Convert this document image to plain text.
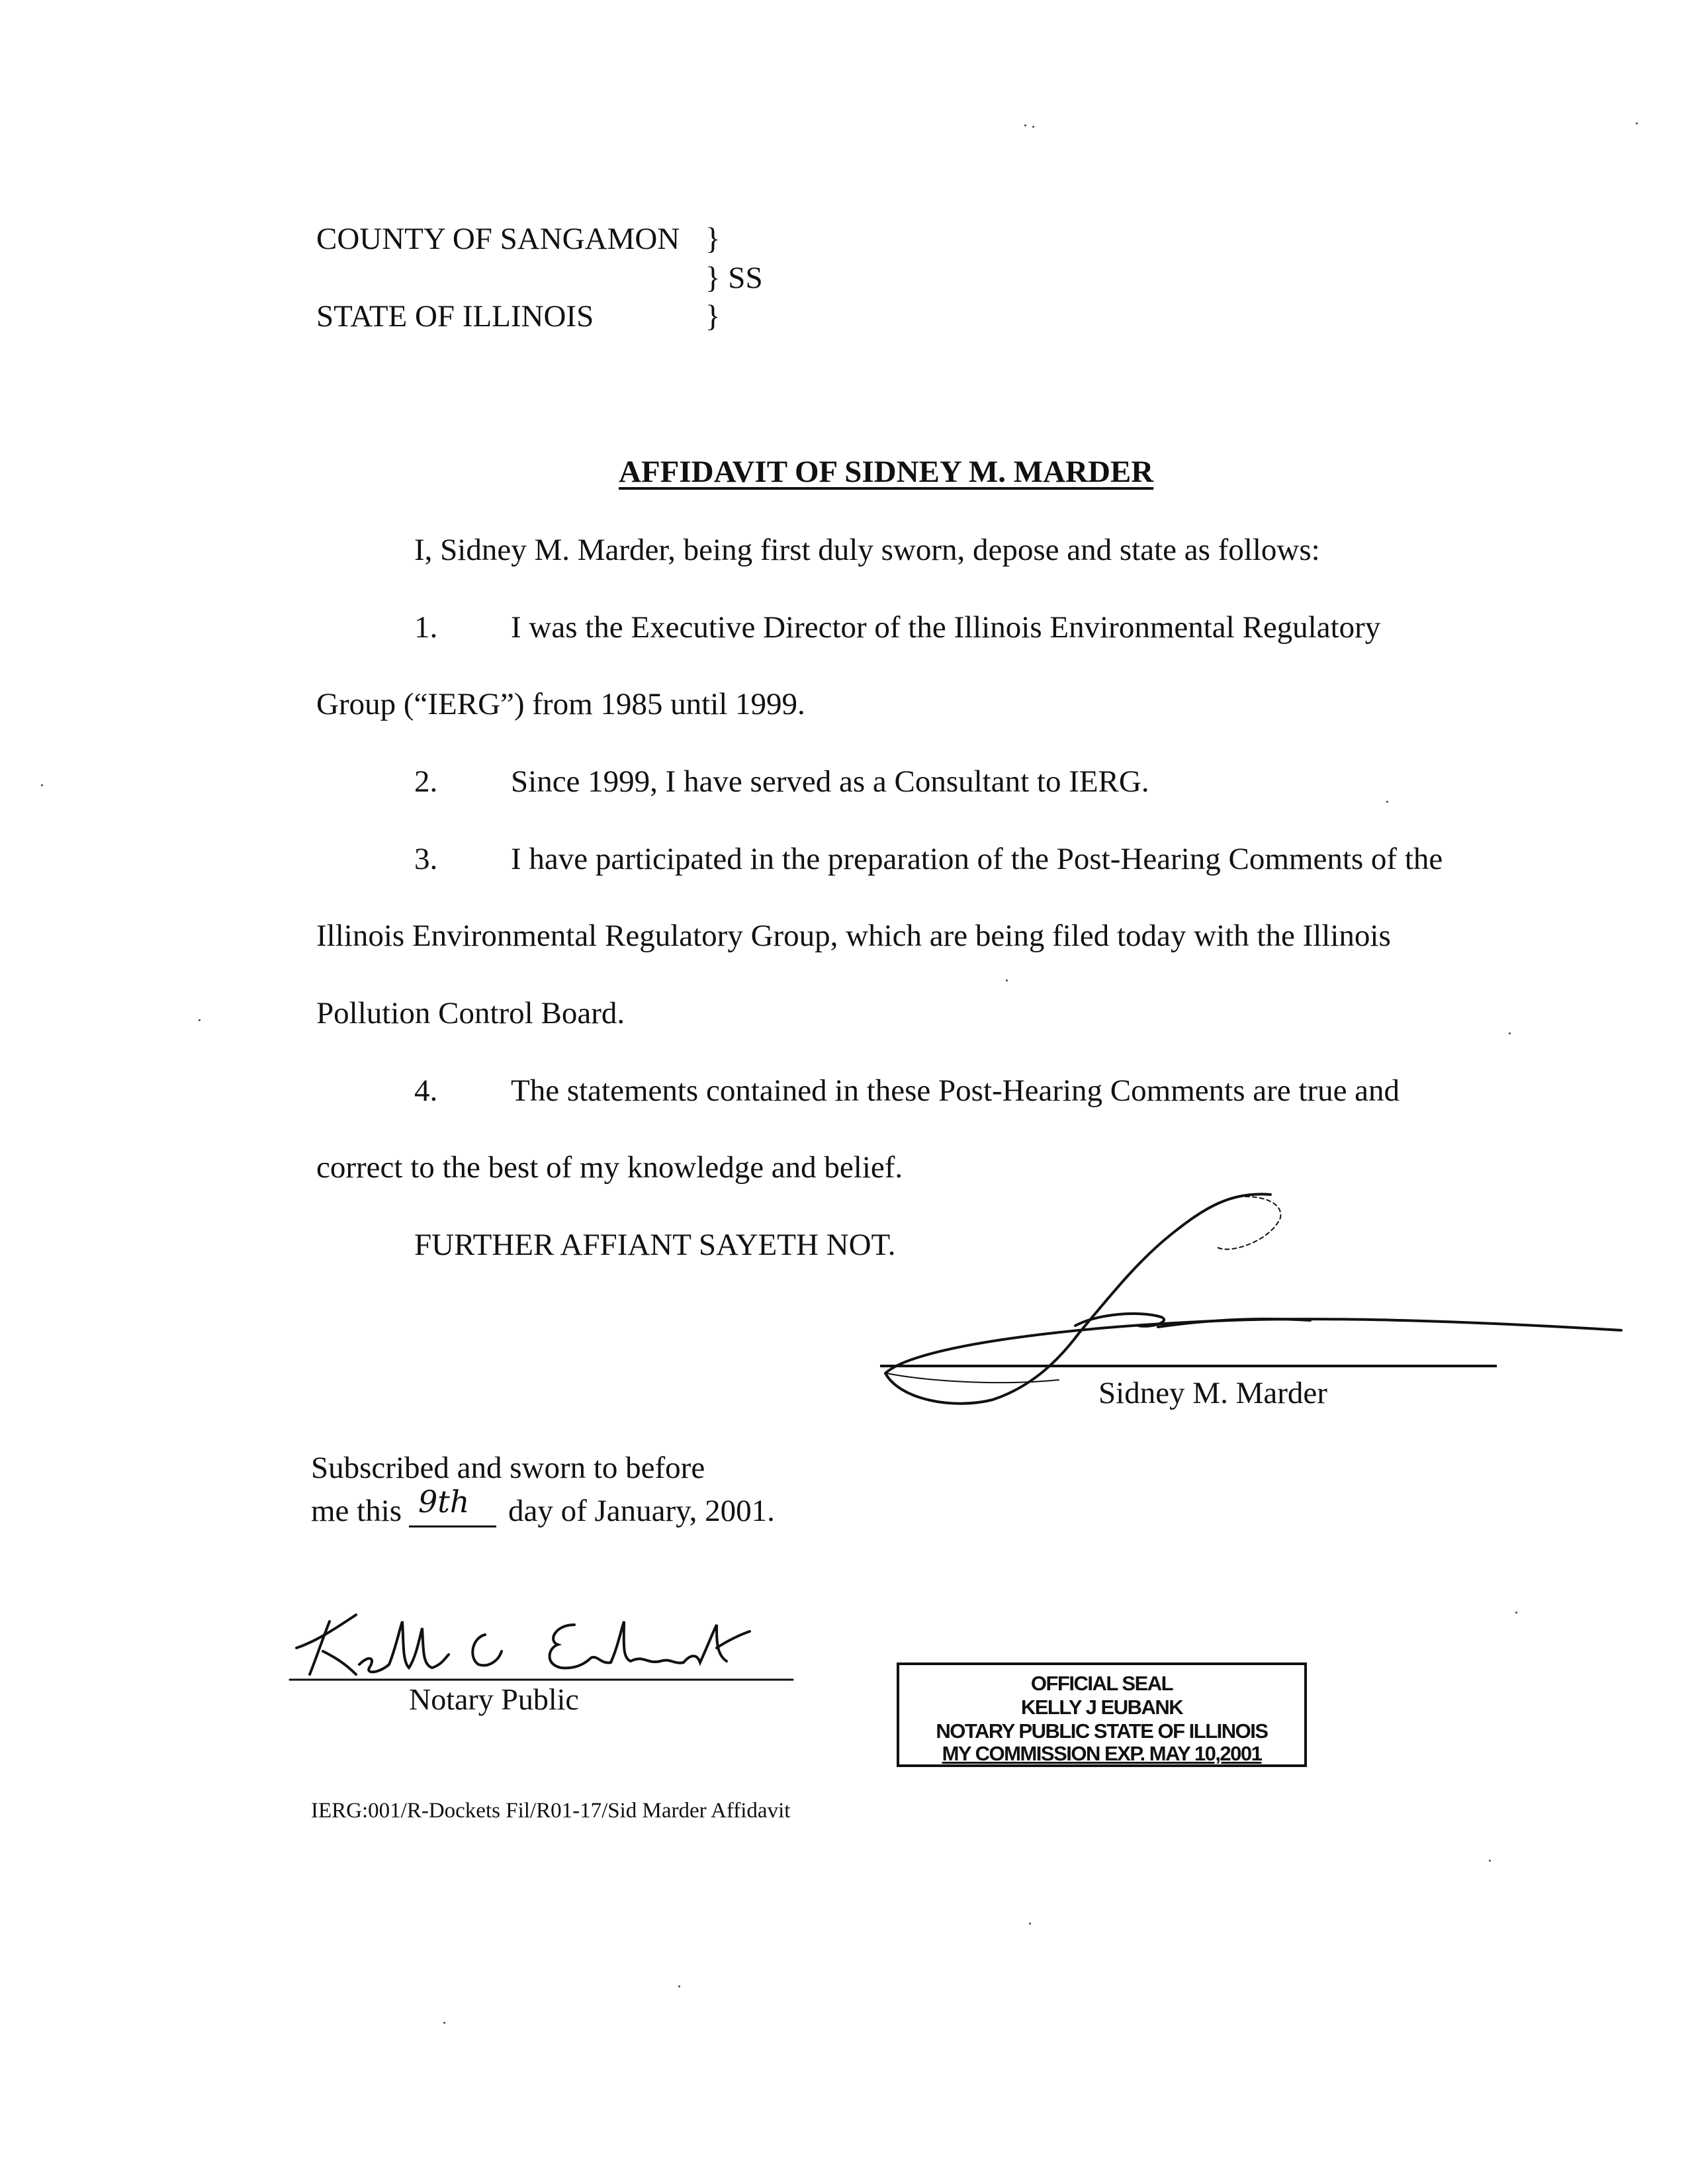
COUNTY OF SANGAMON }
} SS
STATE OF ILLINOIS	}
AFFIDAVIT OF SIDNEY M. MARDER
I, Sidney M. Marder, being first duly sworn, depose and state as follows:
1. I was the Executive Director of the Illinois Environmental Regulatory
Group (“IERG”) from 1985 until 1999.
2. Since 1999, I have served as a Consultant to IERG.
3. I have participated in the preparation of the Post-Hearing Comments of the
Illinois Environmental Regulatory Group, which are being filed today with the Illinois
Pollution Control Board.
4. The statements contained in these Post-Hearing Comments are true and
correct to the best of my knowledge and belief.
FURTHER AFFIANT SAYETH NOT.
Sidney M. Marder
Subscribed and sworn to before
me this 9th day of January, 2001.
Notary Public	OFFICIAL SEAL
KELLY J EUBANK
NOTARY PUBLIC STATE OF ILLINOIS
MY COMMISSION EXP. MAY 10,2001
IERG:001/R-Dockets Fil/R01-17/Sid Marder Affidavit
